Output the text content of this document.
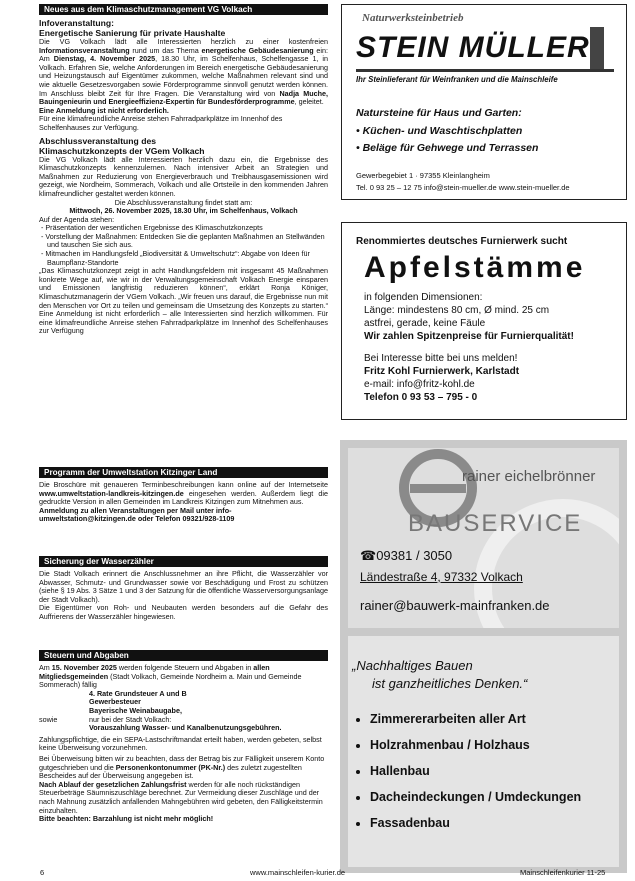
Neues aus dem Klimaschutzmanagement VG Volkach

Infoveranstaltung:

Energetische Sanierung für private Haushalte

Die VG Volkach lädt alle Interessierten herzlich zu einer kostenfreien Informationsveranstaltung rund um das Thema energetische Gebäudesanierung ein: Am Dienstag, 4. November 2025, 18.30 Uhr, im Schelfenhaus, Schelfengasse 1, in Volkach. Erfahren Sie, welche Anforderungen im Bereich energetische Gebäudesanierung und Heizungstausch auf Eigentümer zukommen, welche Maßnahmen relevant sind und wie aktuelle Gesetzesvorgaben sowie Förderprogramme sinnvoll genutzt werden können. Im Anschluss bleibt Zeit für Ihre Fragen. Die Veranstaltung wird von Nadja Muche, Bauingenieurin und Energieeffizienz-Expertin für Bundesförderprogramme, geleitet.

Eine Anmeldung ist nicht erforderlich.

Für eine klimafreundliche Anreise stehen Fahrradparkplätze im Innenhof des Schelfenhauses zur Verfügung.

Abschlussveranstaltung des

Klimaschutzkonzepts der VGem Volkach

Die VG Volkach lädt alle Interessierten herzlich dazu ein, die Ergebnisse des Klimaschutzkonzepts kennenzulernen. Nach intensiver Arbeit an Strategien und Maßnahmen zur Reduzierung von Energieverbrauch und Treibhausgasemissionen wird gezeigt, wie Nordheim, Sommerach, Volkach und alle Ortsteile in den kommenden Jahren klimafreundlicher gestaltet werden können.

Die Abschlussveranstaltung findet statt am:

Mittwoch, 26. November 2025, 18.30 Uhr, im Schelfenhaus, Volkach

Auf der Agenda stehen:

- Präsentation der wesentlichen Ergebnisse des Klimaschutzkonzepts
- Vorstellung der Maßnahmen: Entdecken Sie die geplanten Maßnahmen an Stellwänden und tauschen Sie sich aus.
- Mitmachen im Handlungsfeld „Biodiversität & Umweltschutz“: Abgabe von Ideen für Baumpflanz-Standorte

„Das Klimaschutzkonzept zeigt in acht Handlungsfeldern mit insgesamt 45 Maßnahmen konkrete Wege auf, wie wir in der Verwaltungsgemeinschaft Volkach Energie einsparen und Emissionen langfristig reduzieren können“, erklärt Ronja Königer, Klimaschutzmanagerin der VGem Volkach. „Wir freuen uns darauf, die Ergebnisse nun mit den Menschen vor Ort zu teilen und gemeinsam die Umsetzung des Konzepts zu starten.“ Eine Anmeldung ist nicht erforderlich – alle Interessierten sind herzlich willkommen. Für eine klimafreundliche Anreise stehen Fahrradparkplätze im Innenhof des Schelfenhauses zur Verfügung

Programm der Umweltstation Kitzinger Land

Die Broschüre mit genaueren Terminbeschreibungen kann online auf der Internetseite www.umweltstation-landkreis-kitzingen.de eingesehen werden. Außerdem liegt die gedruckte Version in allen Gemeinden im Landkreis Kitzingen zum Mitnehmen aus.

Anmeldung zu allen Veranstaltungen per Mail unter info-umweltstation@kitzingen.de oder Telefon 09321/928-1109

Sicherung der Wasserzähler

Die Stadt Volkach erinnert die Anschlussnehmer an ihre Pflicht, die Wasserzähler vor Abwasser, Schmutz- und Grundwasser sowie vor Beschädigung und Frost zu schützen (siehe § 19 Abs. 3 Sätze 1 und 3 der Satzung für die öffentliche Wasserversorgungsanlage der Stadt Volkach).

Die Eigentümer von Roh- und Neubauten werden besonders auf die Gefahr des Auffrierens der Wasserzähler hingewiesen.

Steuern und Abgaben

Am 15. November 2025 werden folgende Steuern und Abgaben in allen Mitgliedsgemeinden (Stadt Volkach, Gemeinde Nordheim a. Main und Gemeinde Sommerach) fällig

4. Rate Grundsteuer A und B
Gewerbesteuer
Bayerische Weinabaugabe,
sowie	nur bei der Stadt Volkach:
Vorauszahlung Wasser- und Kanalbenutzungsgebühren.

Zahlungspflichtige, die ein SEPA-Lastschriftmandat erteilt haben, werden gebeten, selbst keine Überweisung vorzunehmen.

Bei Überweisung bitten wir zu beachten, dass der Betrag bis zur Fälligkeit unserem Konto gutgeschrieben und die Personenkontonummer (PK-Nr.) des zuletzt zugestellten Bescheides auf der Überweisung angegeben ist.

Nach Ablauf der gesetzlichen Zahlungsfrist werden für alle noch rückständigen Steuerbeträge Säumniszuschläge berechnet. Zur Vermeidung dieser Zuschläge und der nach Mahnung zusätzlich anfallenden Mahngebühren wird gebeten, den Fälligkeitstermin einzuhalten.

Bitte beachten: Barzahlung ist nicht mehr möglich!

Naturwerksteinbetrieb
STEIN MÜLLER
Ihr Steinlieferant für Weinfranken und die Mainschleife
Natursteine für Haus und Garten:
• Küchen- und Waschtischplatten
• Beläge für Gehwege und Terrassen
Gewerbegebiet 1 · 97355 Kleinlangheim
Tel. 0 93 25 – 12 75 info@stein-mueller.de www.stein-mueller.de
Renommiertes deutsches Furnierwerk sucht
Apfelstämme

in folgenden Dimensionen:

Länge: mindestens 80 cm, Ø mind. 25 cm

astfrei, gerade, keine Fäule

Wir zahlen Spitzenpreise für Furnierqualität!

Bei Interesse bitte bei uns melden!

Fritz Kohl Furnierwerk, Karlstadt

e-mail: info@fritz-kohl.de

Telefon 0 93 53 – 795 - 0

rainer eichelbrönner
BAUSERVICE
☎09381 / 3050
Ländestraße 4, 97332 Volkach
rainer@bauwerk-mainfranken.de
„Nachhaltiges Bauen
ist ganzheitliches Denken.“
• Zimmererarbeiten aller Art
• Holzrahmenbau / Holzhaus
• Hallenbau
• Dacheindeckungen / Umdeckungen
• Fassadenbau
6	www.mainschleifen-kurier.de	Mainschleifenkurier 11-25
